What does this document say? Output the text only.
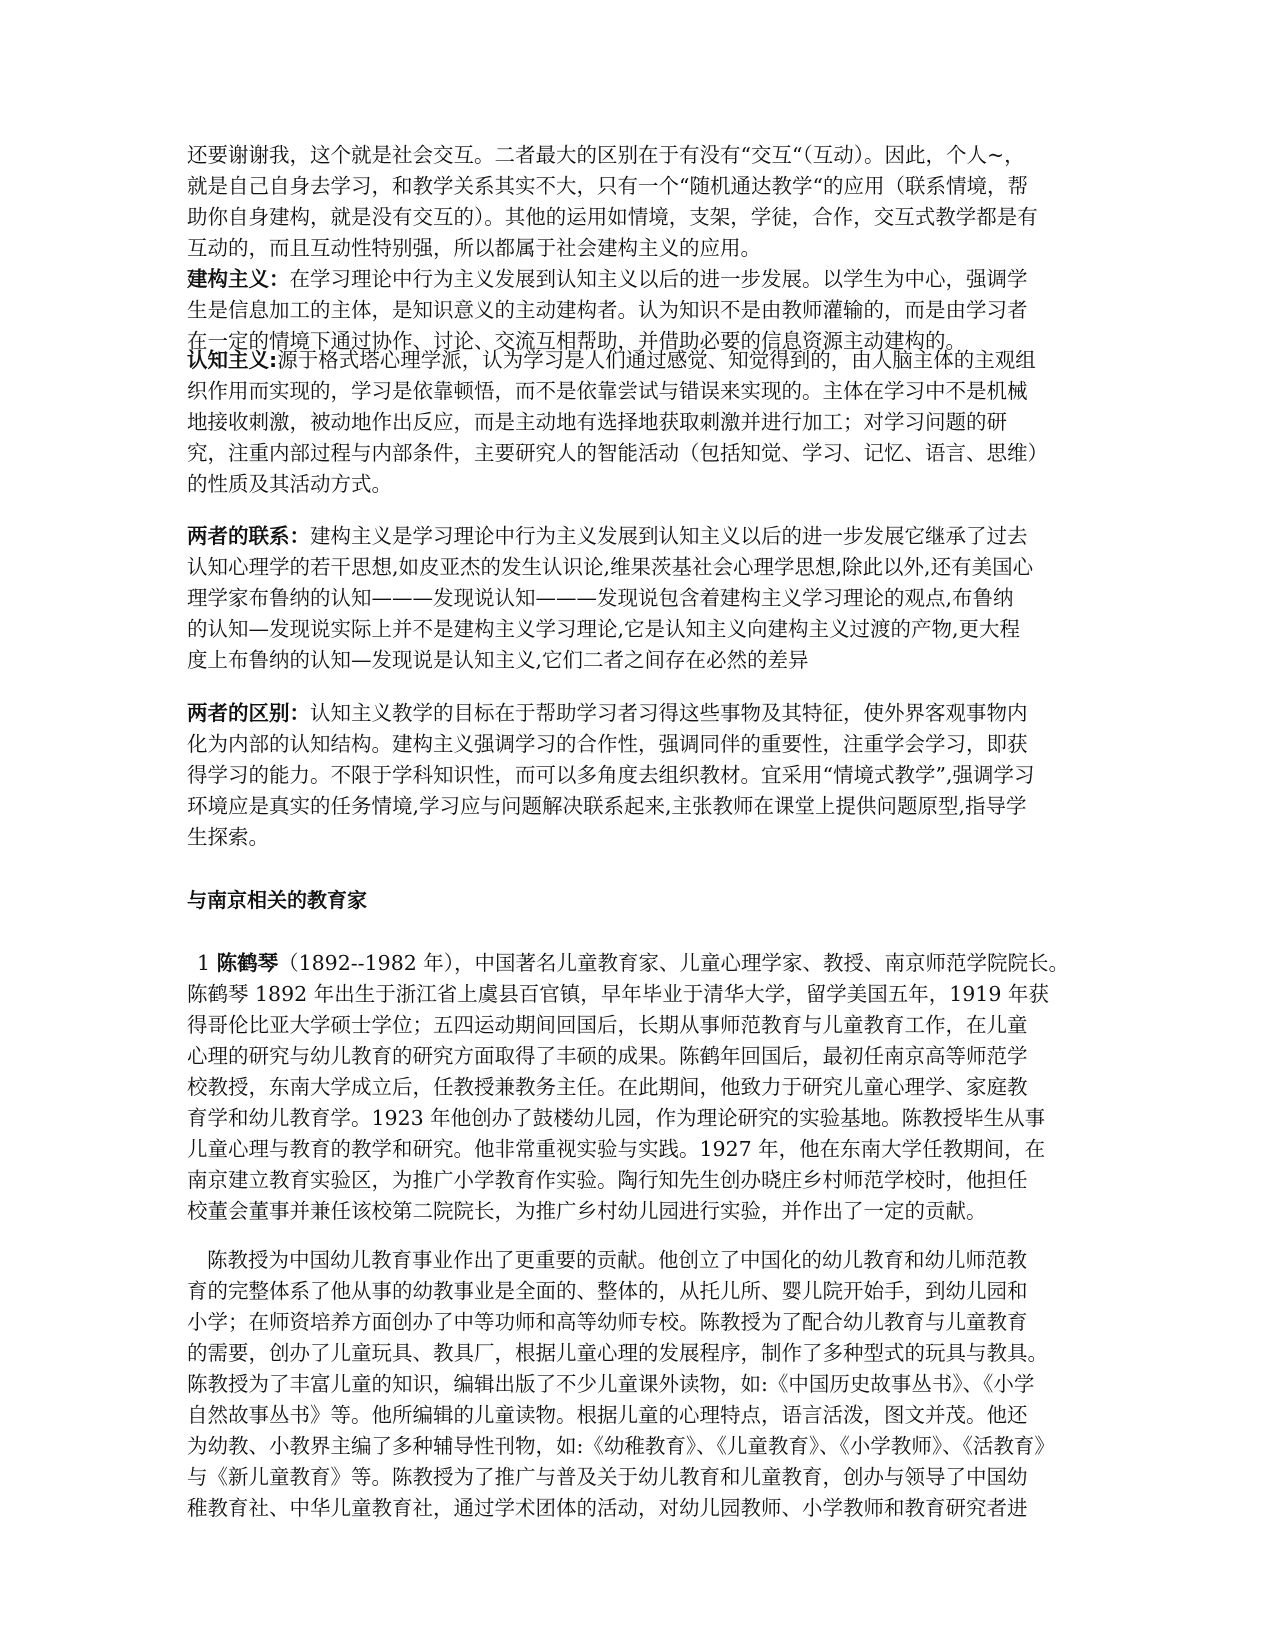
还要谢谢我，这个就是社会交互。二者最大的区别在于有没有“交互“（互动）。因此，个人~，
就是自己自身去学习，和教学关系其实不大，只有一个“随机通达教学“的应用（联系情境，帮
助你自身建构，就是没有交互的）。其他的运用如情境，支架，学徒，合作，交互式教学都是有
互动的，而且互动性特别强，所以都属于社会建构主义的应用。
建构主义：在学习理论中行为主义发展到认知主义以后的进一步发展。以学生为中心，强调学
生是信息加工的主体，是知识意义的主动建构者。认为知识不是由教师灌输的，而是由学习者
在一定的情境下通过协作、讨论、交流互相帮助，并借助必要的信息资源主动建构的。
认知主义:源于格式塔心理学派，认为学习是人们通过感觉、知觉得到的，由人脑主体的主观组
织作用而实现的，学习是依靠顿悟，而不是依靠尝试与错误来实现的。主体在学习中不是机械
地接收刺激，被动地作出反应，而是主动地有选择地获取刺激并进行加工；对学习问题的研
究，注重内部过程与内部条件，主要研究人的智能活动（包括知觉、学习、记忆、语言、思维）
的性质及其活动方式。
两者的联系：建构主义是学习理论中行为主义发展到认知主义以后的进一步发展它继承了过去
认知心理学的若干思想,如皮亚杰的发生认识论,维果茨基社会心理学思想,除此以外,还有美国心
理学家布鲁纳的认知———发现说认知———发现说包含着建构主义学习理论的观点,布鲁纳
的认知—发现说实际上并不是建构主义学习理论,它是认知主义向建构主义过渡的产物,更大程
度上布鲁纳的认知—发现说是认知主义,它们二者之间存在必然的差异
两者的区别：认知主义教学的目标在于帮助学习者习得这些事物及其特征，使外界客观事物内
化为内部的认知结构。建构主义强调学习的合作性，强调同伴的重要性，注重学会学习，即获
得学习的能力。不限于学科知识性，而可以多角度去组织教材。宜采用“情境式教学”,强调学习
环境应是真实的任务情境,学习应与问题解决联系起来,主张教师在课堂上提供问题原型,指导学
生探索。
与南京相关的教育家
1 陈鹤琴（1892--1982 年），中国著名儿童教育家、儿童心理学家、教授、南京师范学院院长。
陈鹤琴 1892 年出生于浙江省上虞县百官镇，早年毕业于清华大学，留学美国五年，1919 年获
得哥伦比亚大学硕士学位；五四运动期间回国后，长期从事师范教育与儿童教育工作，在儿童
心理的研究与幼儿教育的研究方面取得了丰硕的成果。陈鹤年回国后，最初任南京高等师范学
校教授，东南大学成立后，任教授兼教务主任。在此期间，他致力于研究儿童心理学、家庭教
育学和幼儿教育学。1923 年他创办了鼓楼幼儿园，作为理论研究的实验基地。陈教授毕生从事
儿童心理与教育的教学和研究。他非常重视实验与实践。1927 年，他在东南大学任教期间，在
南京建立教育实验区，为推广小学教育作实验。陶行知先生创办晓庄乡村师范学校时，他担任
校董会董事并兼任该校第二院院长，为推广乡村幼儿园进行实验，并作出了一定的贡献。
陈教授为中国幼儿教育事业作出了更重要的贡献。他创立了中国化的幼儿教育和幼儿师范教
育的完整体系了他从事的幼教事业是全面的、整体的，从托儿所、婴儿院开始手，到幼儿园和
小学；在师资培养方面创办了中等功师和高等幼师专校。陈教授为了配合幼儿教育与儿童教育
的需要，创办了儿童玩具、教具厂，根据儿童心理的发展程序，制作了多种型式的玩具与教具。
陈教授为了丰富儿童的知识，编辑出版了不少儿童课外读物，如:《中国历史故事丛书》、《小学
自然故事丛书》等。他所编辑的儿童读物。根据儿童的心理特点，语言活泼，图文并茂。他还
为幼教、小教界主编了多种辅导性刊物，如:《幼稚教育》、《儿童教育》、《小学教师》、《活教育》
与《新儿童教育》等。陈教授为了推广与普及关于幼儿教育和儿童教育，创办与领导了中国幼
稚教育社、中华儿童教育社，通过学术团体的活动，对幼儿园教师、小学教师和教育研究者进
